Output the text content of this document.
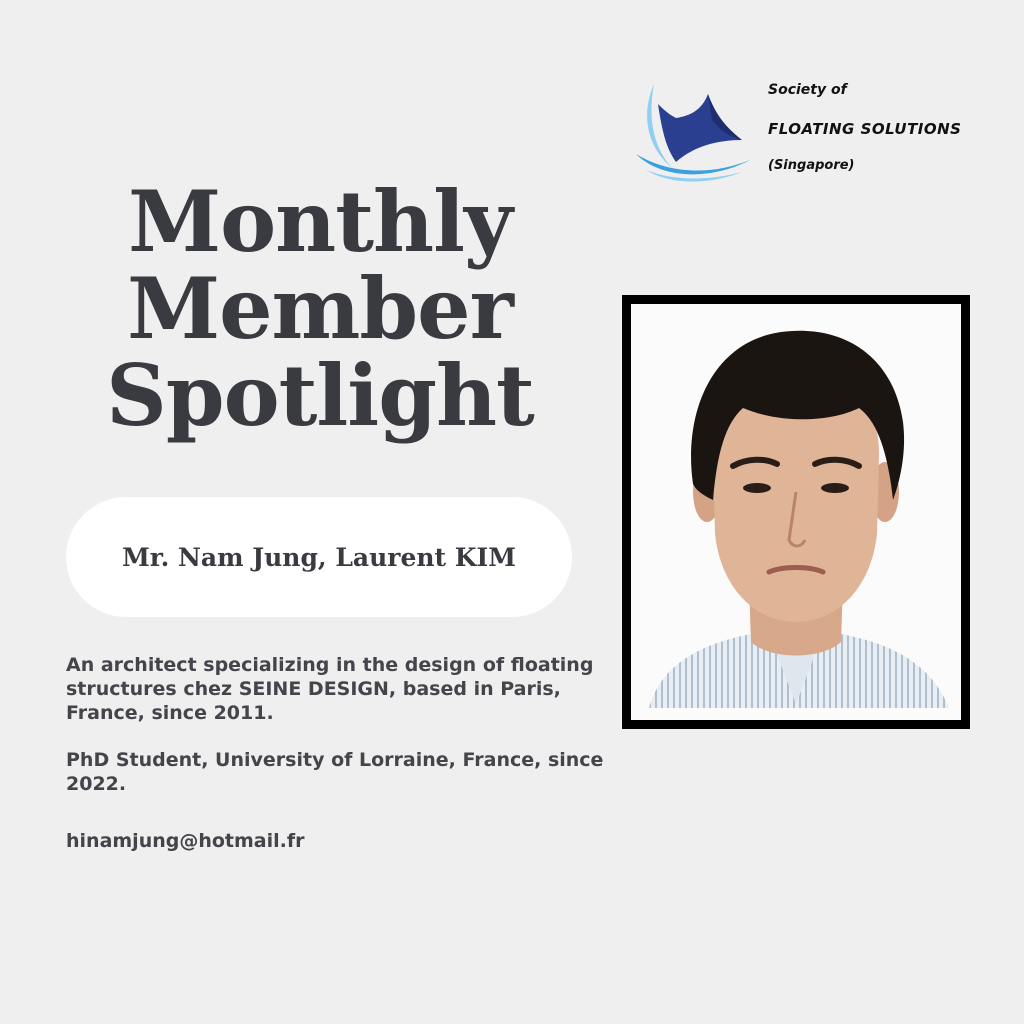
Society of

FLOATING SOLUTIONS

(Singapore)

Monthly
Member
Spotlight
Mr. Nam Jung, Laurent KIM

An architect specializing in the design of floating structures chez SEINE DESIGN, based in Paris, France, since 2011.

PhD Student, University of Lorraine, France, since 2022.

hinamjung@hotmail.fr
